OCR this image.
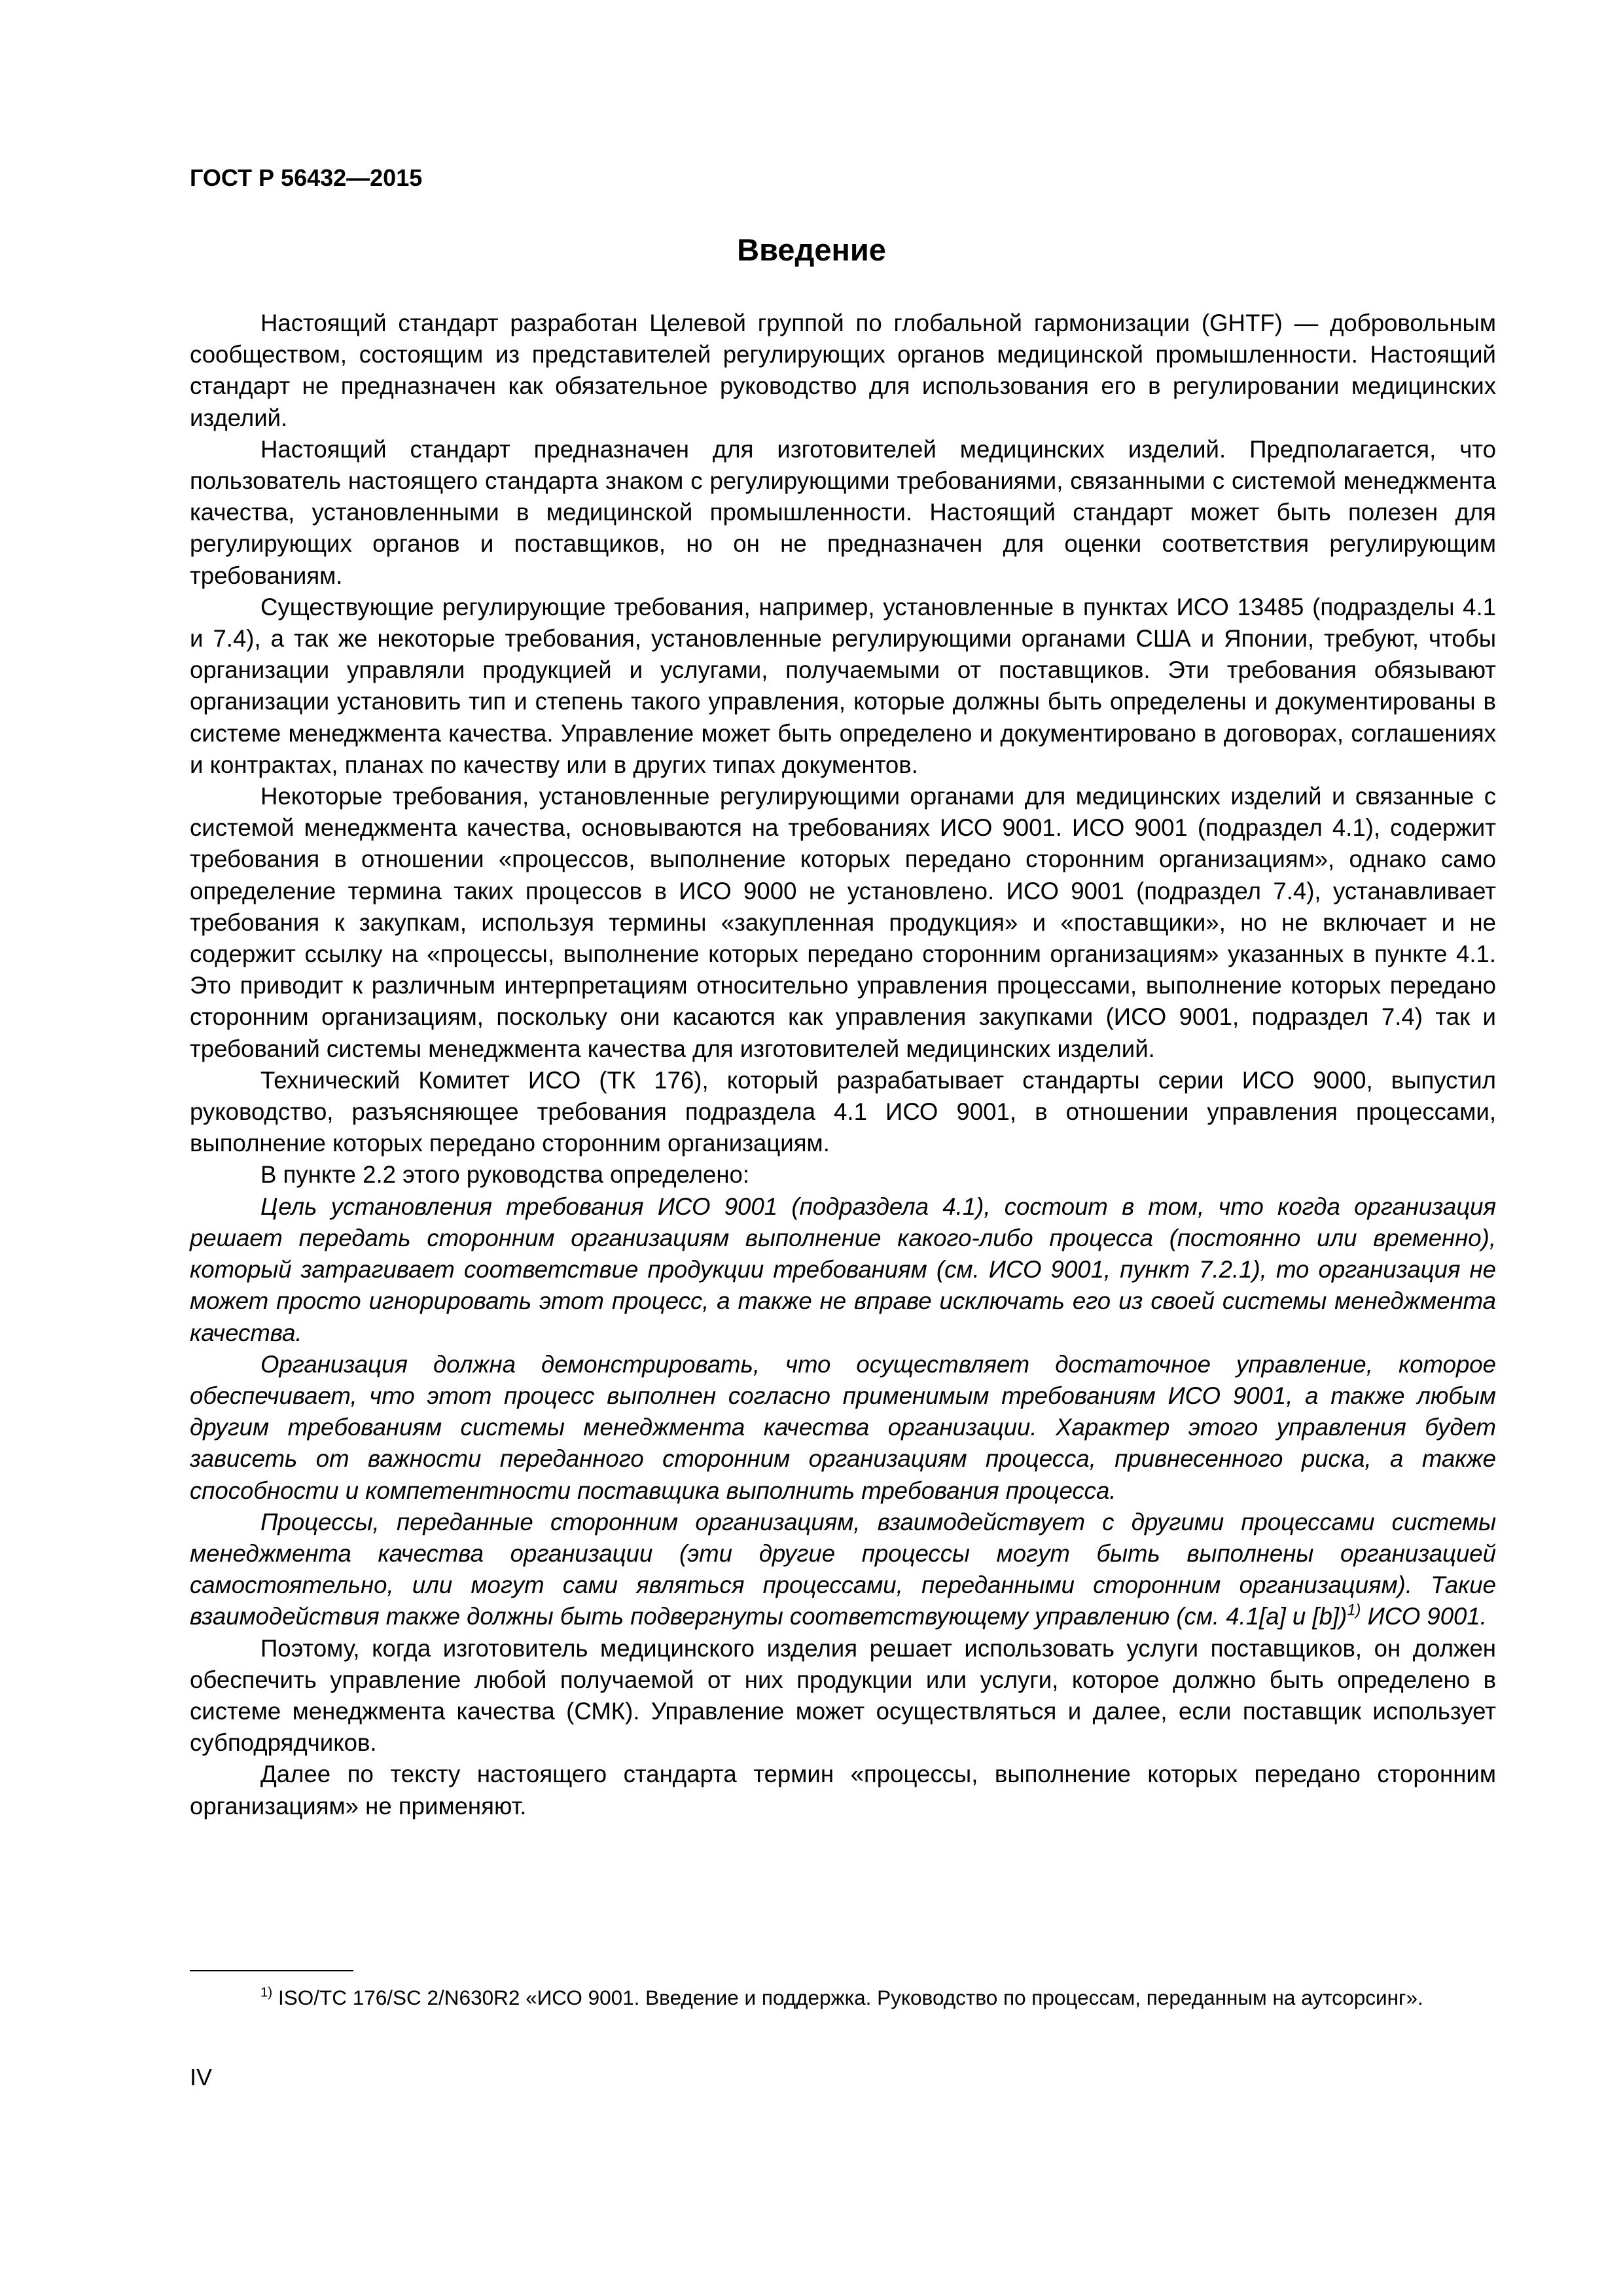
ГОСТ Р 56432—2015
Введение

Настоящий стандарт разработан Целевой группой по глобальной гармонизации (GHTF) — добровольным сообществом, состоящим из представителей регулирующих органов медицинской промышленности. Настоящий стандарт не предназначен как обязательное руководство для использования его в регулировании медицинских изделий.

Настоящий стандарт предназначен для изготовителей медицинских изделий. Предполагается, что пользователь настоящего стандарта знаком с регулирующими требованиями, связанными с системой менеджмента качества, установленными в медицинской промышленности. Настоящий стандарт может быть полезен для регулирующих органов и поставщиков, но он не предназначен для оценки соответствия регулирующим требованиям.

Существующие регулирующие требования, например, установленные в пунктах ИСО 13485 (подразделы 4.1 и 7.4), а так же некоторые требования, установленные регулирующими органами США и Японии, требуют, чтобы организации управляли продукцией и услугами, получаемыми от поставщиков. Эти требования обязывают организации установить тип и степень такого управления, которые должны быть определены и документированы в системе менеджмента качества. Управление может быть определено и документировано в договорах, соглашениях и контрактах, планах по качеству или в других типах документов.

Некоторые требования, установленные регулирующими органами для медицинских изделий и связанные с системой менеджмента качества, основываются на требованиях ИСО 9001. ИСО 9001 (подраздел 4.1), содержит требования в отношении «процессов, выполнение которых передано сторонним организациям», однако само определение термина таких процессов в ИСО 9000 не установлено. ИСО 9001 (подраздел 7.4), устанавливает требования к закупкам, используя термины «закупленная продукция» и «поставщики», но не включает и не содержит ссылку на «процессы, выполнение которых передано сторонним организациям» указанных в пункте 4.1. Это приводит к различным интерпретациям относительно управления процессами, выполнение которых передано сторонним организациям, поскольку они касаются как управления закупками (ИСО 9001, подраздел 7.4) так и требований системы менеджмента качества для изготовителей медицинских изделий.

Технический Комитет ИСО (ТК 176), который разрабатывает стандарты серии ИСО 9000, выпустил руководство, разъясняющее требования подраздела 4.1 ИСО 9001, в отношении управления процессами, выполнение которых передано сторонним организациям.

В пункте 2.2 этого руководства определено:

Цель установления требования ИСО 9001 (подраздела 4.1), состоит в том, что когда организация решает передать сторонним организациям выполнение какого-либо процесса (постоянно или временно), который затрагивает соответствие продукции требованиям (см. ИСО 9001, пункт 7.2.1), то организация не может просто игнорировать этот процесс, а также не вправе исключать его из своей системы менеджмента качества.

Организация должна демонстрировать, что осуществляет достаточное управление, которое обеспечивает, что этот процесс выполнен согласно применимым требованиям ИСО 9001, а также любым другим требованиям системы менеджмента качества организации. Характер этого управления будет зависеть от важности переданного сторонним организациям процесса, привнесенного риска, а также способности и компетентности поставщика выполнить требования процесса.

Процессы, переданные сторонним организациям, взаимодействует с другими процессами системы менеджмента качества организации (эти другие процессы могут быть выполнены организацией самостоятельно, или могут сами являться процессами, переданными сторонним организациям). Такие взаимодействия также должны быть подвергнуты соответствующему управлению (см. 4.1[a] и [b])$^{1)}$ ИСО 9001.

Поэтому, когда изготовитель медицинского изделия решает использовать услуги поставщиков, он должен обеспечить управление любой получаемой от них продукции или услуги, которое должно быть определено в системе менеджмента качества (СМК). Управление может осуществляться и далее, если поставщик использует субподрядчиков.

Далее по тексту настоящего стандарта термин «процессы, выполнение которых передано сторонним организациям» не применяют.

$^{1)}$ ISO/TC 176/SC 2/N630R2 «ИСО 9001. Введение и поддержка. Руководство по процессам, переданным на аутсорсинг».

IV
